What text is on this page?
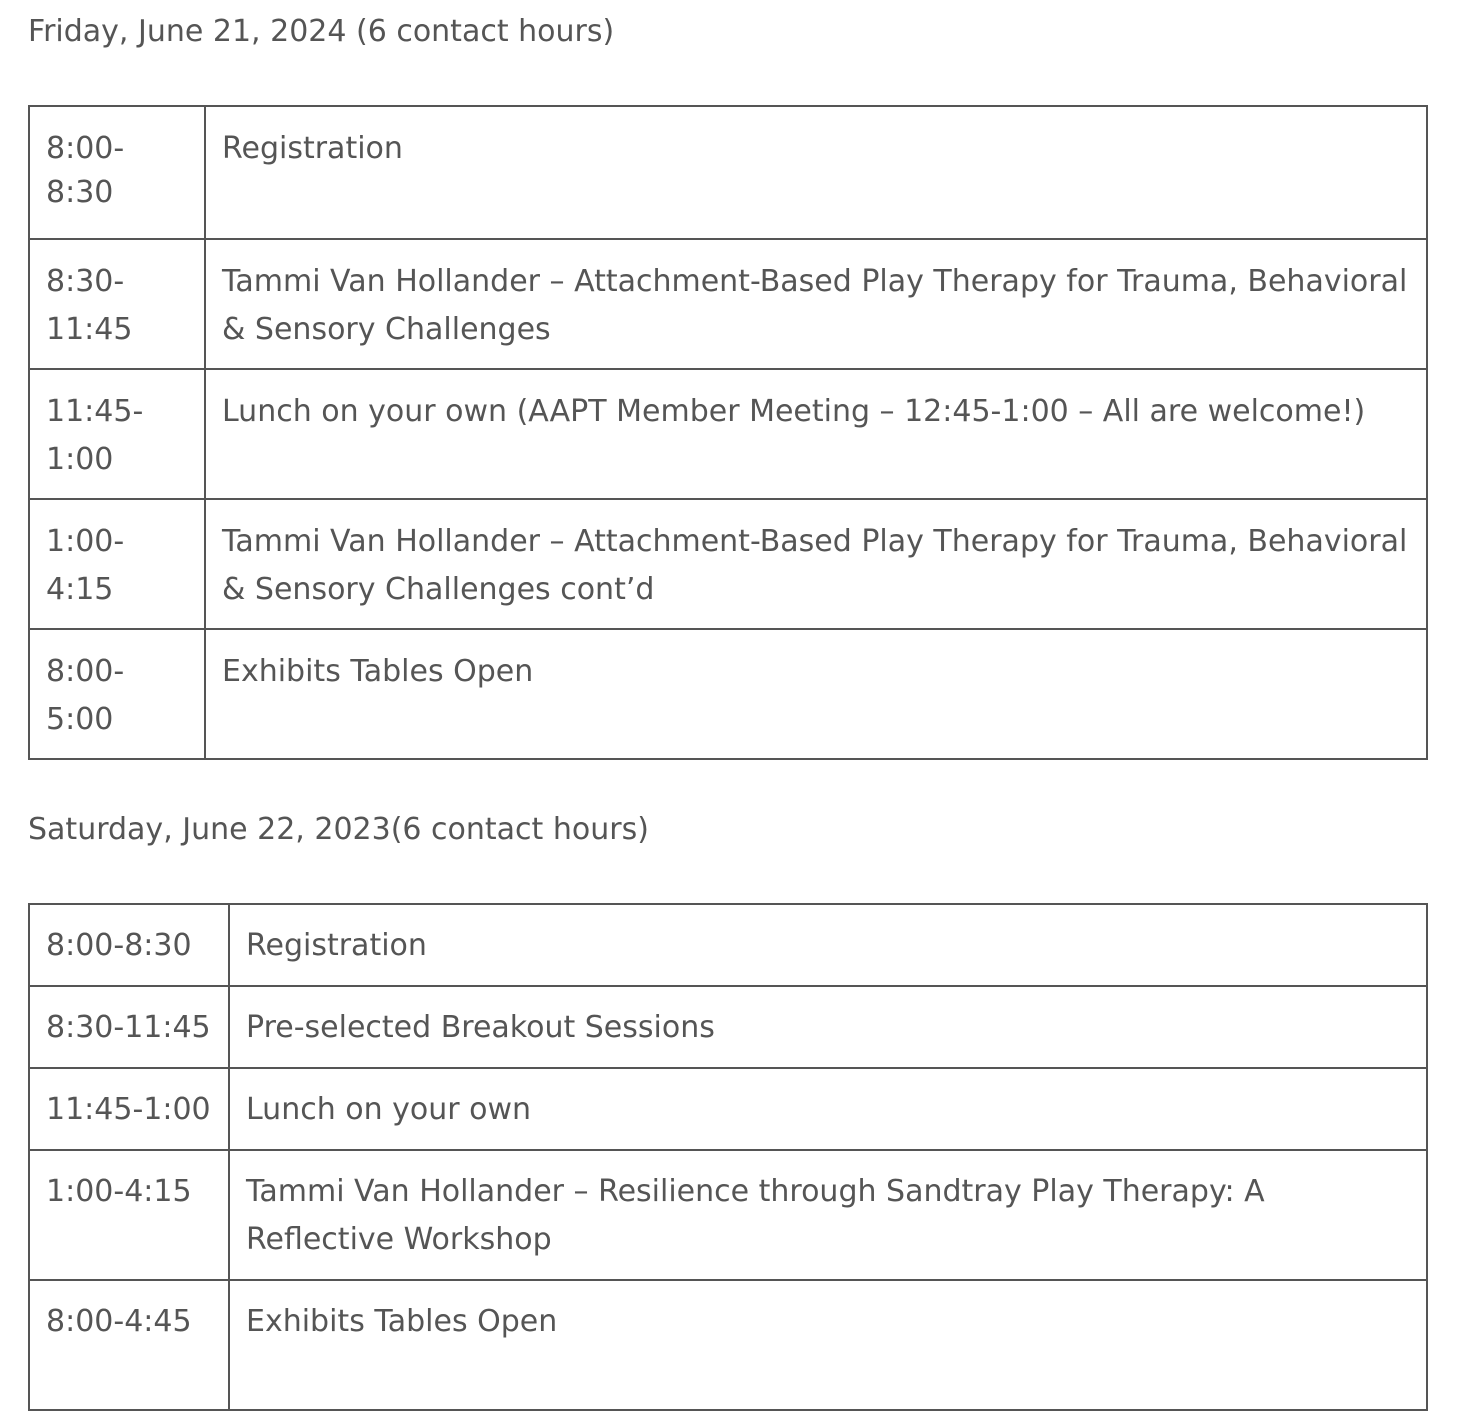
Friday, June 21, 2024 (6 contact hours)

8:00-8:30	Registration
8:30-
11:45	Tammi Van Hollander – Attachment-Based Play Therapy for Trauma, Behavioral & Sensory Challenges
11:45-
1:00	Lunch on your own (AAPT Member Meeting – 12:45-1:00 – All are welcome!)
1:00-
4:15	Tammi Van Hollander – Attachment-Based Play Therapy for Trauma, Behavioral & Sensory Challenges cont’d
8:00-
5:00	Exhibits Tables Open

Saturday, June 22, 2023(6 contact hours)

8:00-8:30	Registration
8:30-11:45	Pre-selected Breakout Sessions
11:45-1:00	Lunch on your own
1:00-4:15	Tammi Van Hollander – Resilience through Sandtray Play Therapy: A Reflective Workshop
8:00-4:45	Exhibits Tables Open
